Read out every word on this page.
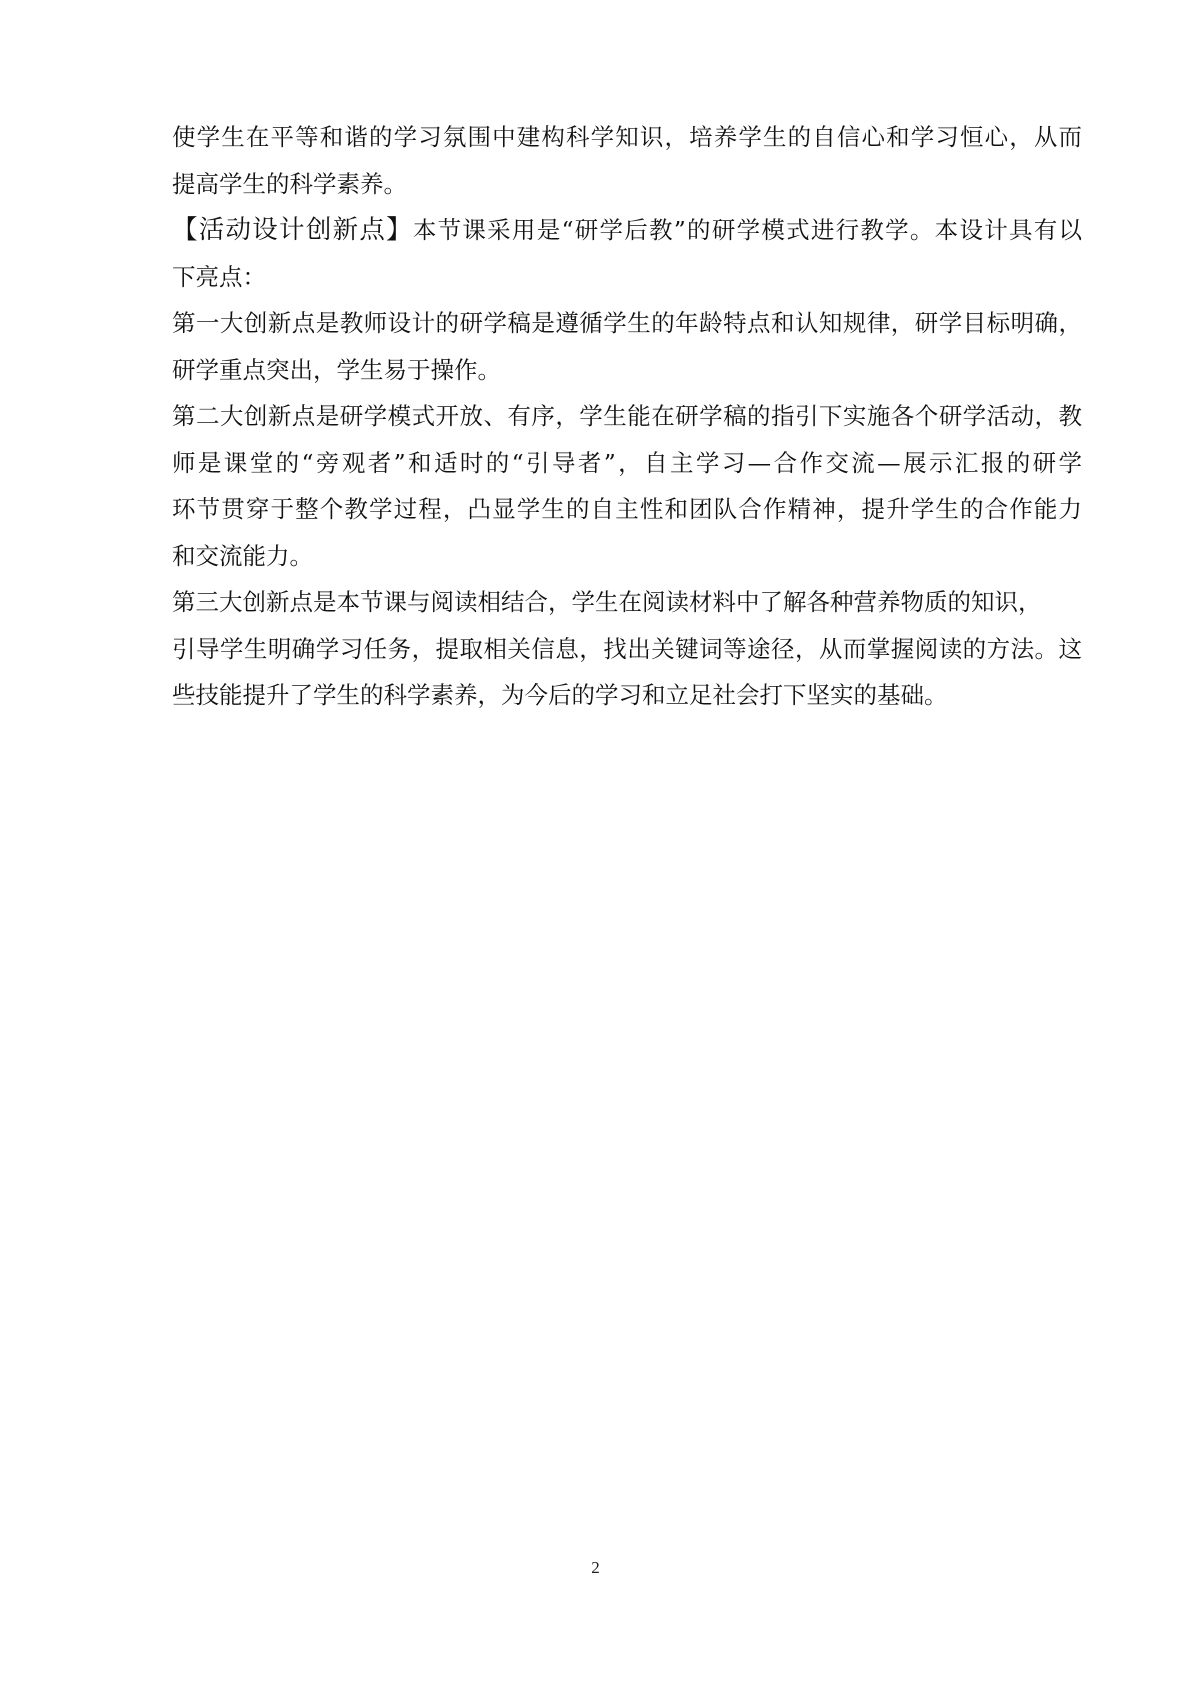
使学生在平等和谐的学习氛围中建构科学知识，培养学生的自信心和学习恒心，从而
提高学生的科学素养。
【活动设计创新点】本节课采用是“研学后教”的研学模式进行教学。本设计具有以
下亮点：
第一大创新点是教师设计的研学稿是遵循学生的年龄特点和认知规律，研学目标明确，
研学重点突出，学生易于操作。
第二大创新点是研学模式开放、有序，学生能在研学稿的指引下实施各个研学活动，教
师是课堂的“旁观者”和适时的“引导者”，自主学习—合作交流—展示汇报的研学
环节贯穿于整个教学过程，凸显学生的自主性和团队合作精神，提升学生的合作能力
和交流能力。
第三大创新点是本节课与阅读相结合，学生在阅读材料中了解各种营养物质的知识，
引导学生明确学习任务，提取相关信息，找出关键词等途径，从而掌握阅读的方法。这
些技能提升了学生的科学素养，为今后的学习和立足社会打下坚实的基础。
2
